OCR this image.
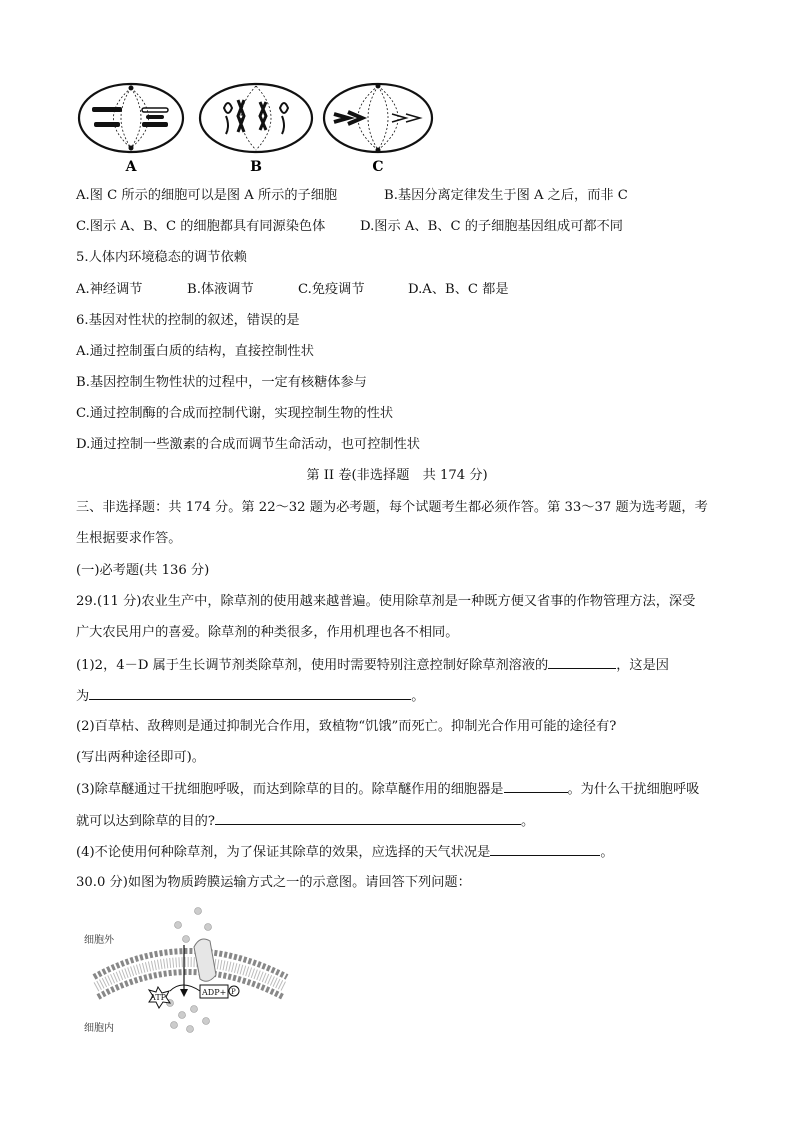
A	B	C
A.图 C 所示的细胞可以是图 A 所示的子细胞	B.基因分离定律发生于图 A 之后，而非 C
C.图示 A、B、C 的细胞都具有同源染色体	D.图示 A、B、C 的子细胞基因组成可都不同
5.人体内环境稳态的调节依赖
A.神经调节	B.体液调节	C.免疫调节	D.A、B、C 都是
6.基因对性状的控制的叙述，错误的是
A.通过控制蛋白质的结构，直接控制性状
B.基因控制生物性状的过程中，一定有核糖体参与
C.通过控制酶的合成而控制代谢，实现控制生物的性状
D.通过控制一些激素的合成而调节生命活动，也可控制性状
第 II 卷(非选择题　共 174 分)
三、非选择题：共 174 分。第 22～32 题为必考题，每个试题考生都必须作答。第 33～37 题为选考题，考
生根据要求作答。
(一)必考题(共 136 分)
29.(11 分)农业生产中，除草剂的使用越来越普遍。使用除草剂是一种既方便又省事的作物管理方法，深受
广大农民用户的喜爱。除草剂的种类很多，作用机理也各不相同。
(1)2，4－D 属于生长调节剂类除草剂，使用时需要特别注意控制好除草剂溶液的	，这是因
为	。
(2)百草枯、敌稗则是通过抑制光合作用，致植物“饥饿”而死亡。抑制光合作用可能的途径有?
(写出两种途径即可)。
(3)除草醚通过干扰细胞呼吸，而达到除草的目的。除草醚作用的细胞器是	。为什么干扰细胞呼吸
就可以达到除草的目的?	。
(4)不论使用何种除草剂，为了保证其除草的效果，应选择的天气状况是	。
30.0 分)如图为物质跨膜运输方式之一的示意图。请回答下列问题：
细胞外
细胞内
ATP
ADP+ P
